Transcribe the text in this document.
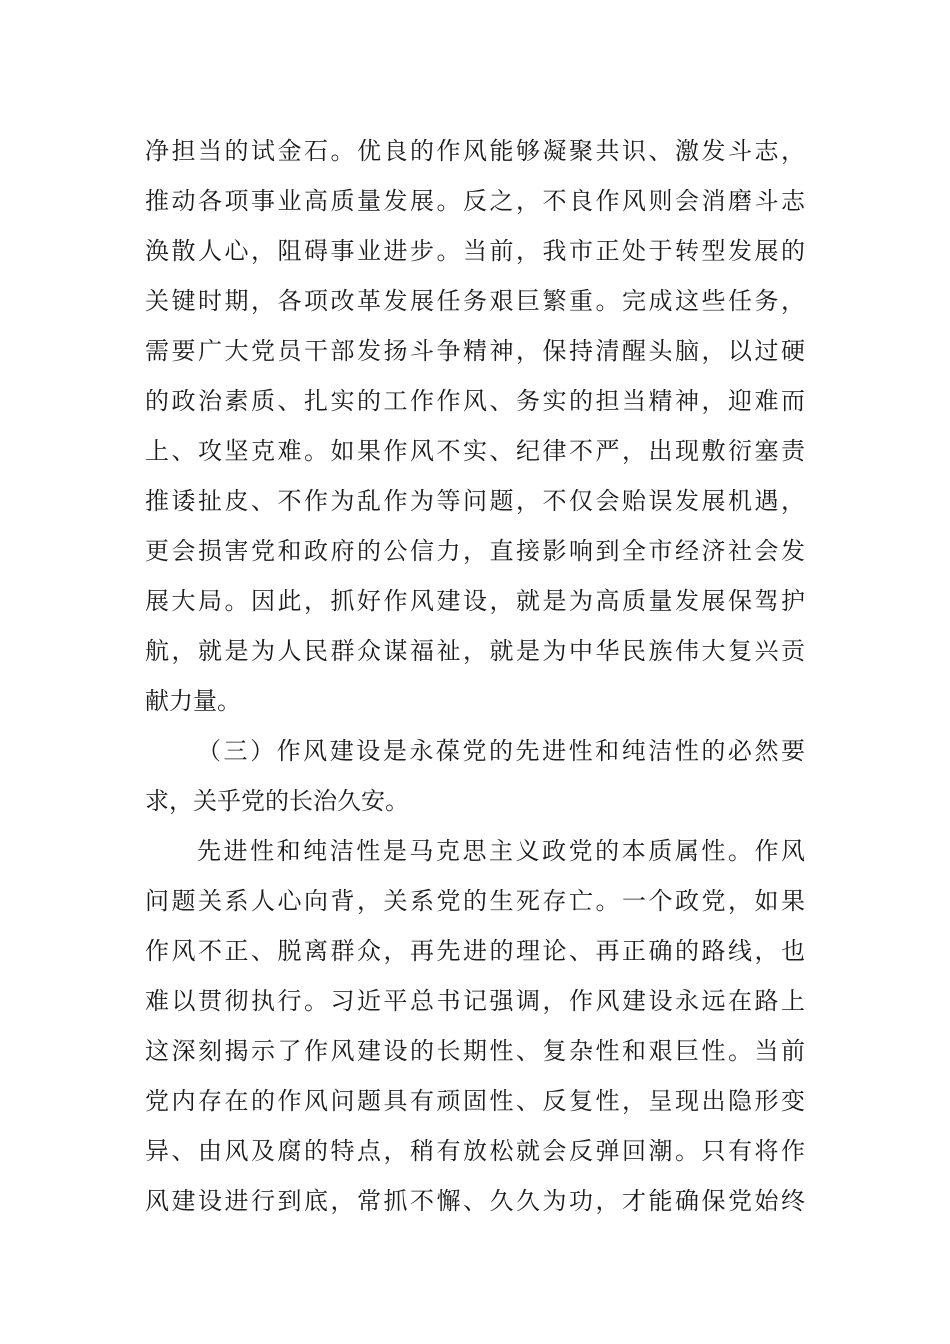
净担当的试金石。优良的作风能够凝聚共识、激发斗志，
推动各项事业高质量发展。反之，不良作风则会消磨斗志
涣散人心，阻碍事业进步。当前，我市正处于转型发展的
关键时期，各项改革发展任务艰巨繁重。完成这些任务，
需要广大党员干部发扬斗争精神，保持清醒头脑，以过硬
的政治素质、扎实的工作作风、务实的担当精神，迎难而
上、攻坚克难。如果作风不实、纪律不严，出现敷衍塞责
推诿扯皮、不作为乱作为等问题，不仅会贻误发展机遇，
更会损害党和政府的公信力，直接影响到全市经济社会发
展大局。因此，抓好作风建设，就是为高质量发展保驾护
航，就是为人民群众谋福祉，就是为中华民族伟大复兴贡
献力量。
（三）作风建设是永葆党的先进性和纯洁性的必然要
求，关乎党的长治久安。
先进性和纯洁性是马克思主义政党的本质属性。作风
问题关系人心向背，关系党的生死存亡。一个政党，如果
作风不正、脱离群众，再先进的理论、再正确的路线，也
难以贯彻执行。习近平总书记强调，作风建设永远在路上
这深刻揭示了作风建设的长期性、复杂性和艰巨性。当前
党内存在的作风问题具有顽固性、反复性，呈现出隐形变
异、由风及腐的特点，稍有放松就会反弹回潮。只有将作
风建设进行到底，常抓不懈、久久为功，才能确保党始终
